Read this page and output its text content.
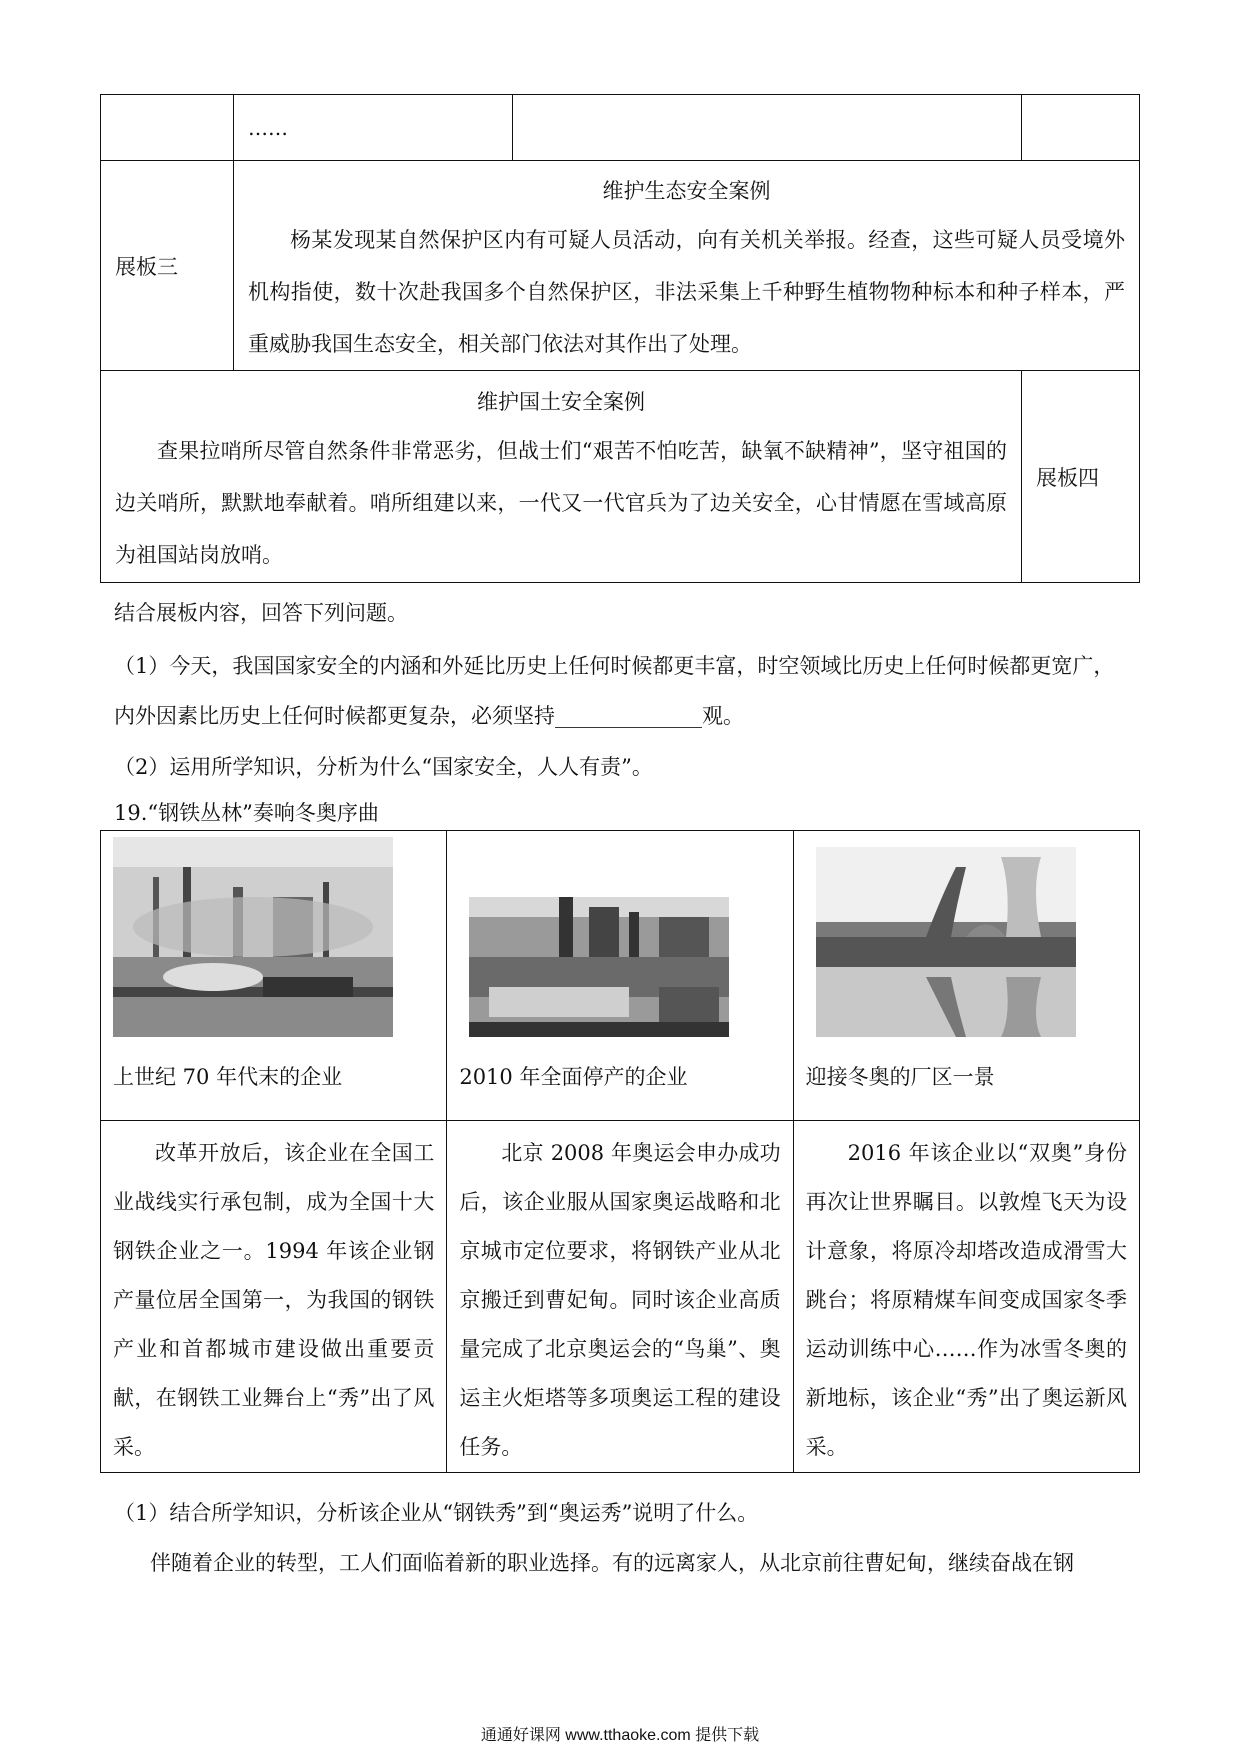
	……		
展板三	维护生态安全案例
杨某发现某自然保护区内有可疑人员活动，向有关机关举报。经查，这些可疑人员受境外机构指使，数十次赴我国多个自然保护区，非法采集上千种野生植物物种标本和种子样本，严重威胁我国生态安全，相关部门依法对其作出了处理。		

维护国土安全案例
查果拉哨所尽管自然条件非常恶劣，但战士们“艰苦不怕吃苦，缺氧不缺精神”，坚守祖国的边关哨所，默默地奉献着。哨所组建以来，一代又一代官兵为了边关安全，心甘情愿在雪域高原为祖国站岗放哨。			展板四
结合展板内容，回答下列问题。
（1）今天，我国国家安全的内涵和外延比历史上任何时候都更丰富，时空领域比历史上任何时候都更宽广，
内外因素比历史上任何时候都更复杂，必须坚持______________观。
（2）运用所学知识，分析为什么“国家安全，人人有责”。
19.“钢铁丛林”奏响冬奥序曲
上世纪 70 年代末的企业	2010 年全面停产的企业	迎接冬奥的厂区一景

改革开放后，该企业在全国工业战线实行承包制，成为全国十大钢铁企业之一。1994 年该企业钢产量位居全国第一，为我国的钢铁产业和首都城市建设做出重要贡献，在钢铁工业舞台上“秀”出了风采。	北京 2008 年奥运会申办成功后，该企业服从国家奥运战略和北京城市定位要求，将钢铁产业从北京搬迁到曹妃甸。同时该企业高质量完成了北京奥运会的“鸟巢”、奥运主火炬塔等多项奥运工程的建设任务。	2016 年该企业以“双奥”身份再次让世界瞩目。以敦煌飞天为设计意象，将原冷却塔改造成滑雪大跳台；将原精煤车间变成国家冬季运动训练中心……作为冰雪冬奥的新地标，该企业“秀”出了奥运新风采。
（1）结合所学知识，分析该企业从“钢铁秀”到“奥运秀”说明了什么。
伴随着企业的转型，工人们面临着新的职业选择。有的远离家人，从北京前往曹妃甸，继续奋战在钢
通通好课网 www.tthaoke.com 提供下载
